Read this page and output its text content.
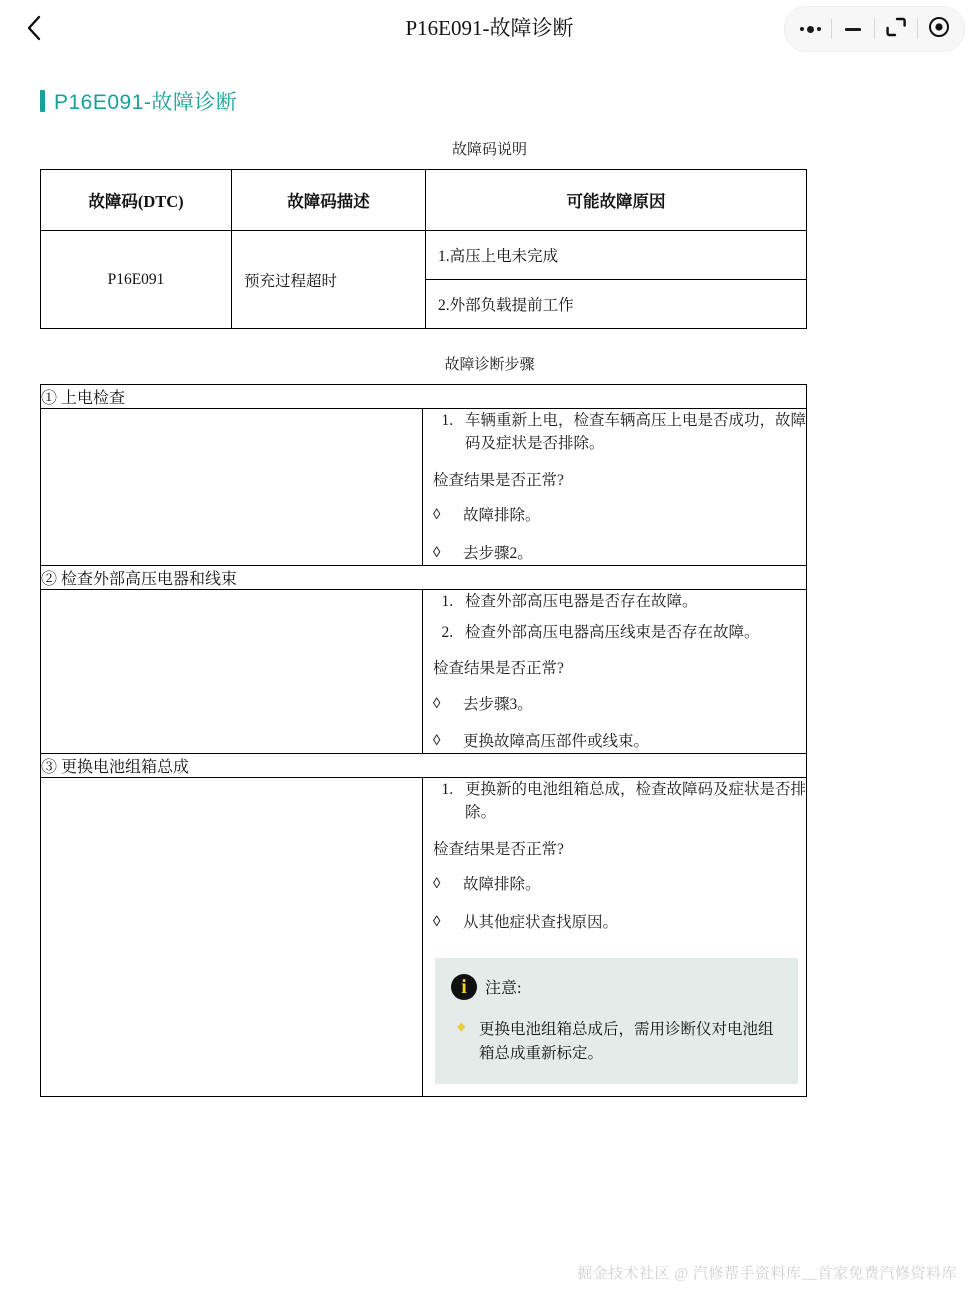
P16E091-故障诊断
P16E091-故障诊断
故障码说明
故障码(DTC)	故障码描述	可能故障原因
P16E091	预充过程超时	1.高压上电未完成
		2.外部负载提前工作
故障诊断步骤
① 上电检查	

1. 车辆重新上电，检查车辆高压上电是否成功，故障码及症状是否排除。

检查结果是否正常?

◊ 故障排除。
◊ 去步骤2。

② 检查外部高压电器和线束	

1. 检查外部高压电器是否存在故障。
2. 检查外部高压电器高压线束是否存在故障。

检查结果是否正常?

◊ 去步骤3。
◊ 更换故障高压部件或线束。

③ 更换电池组箱总成	

1. 更换新的电池组箱总成，检查故障码及症状是否排除。

检查结果是否正常?

◊ 故障排除。
◊ 从其他症状查找原因。
i	注意:
◆ 更换电池组箱总成后，需用诊断仪对电池组箱总成重新标定。
掘金技术社区 @ 汽修帮手资料库__首家免费汽修资料库
